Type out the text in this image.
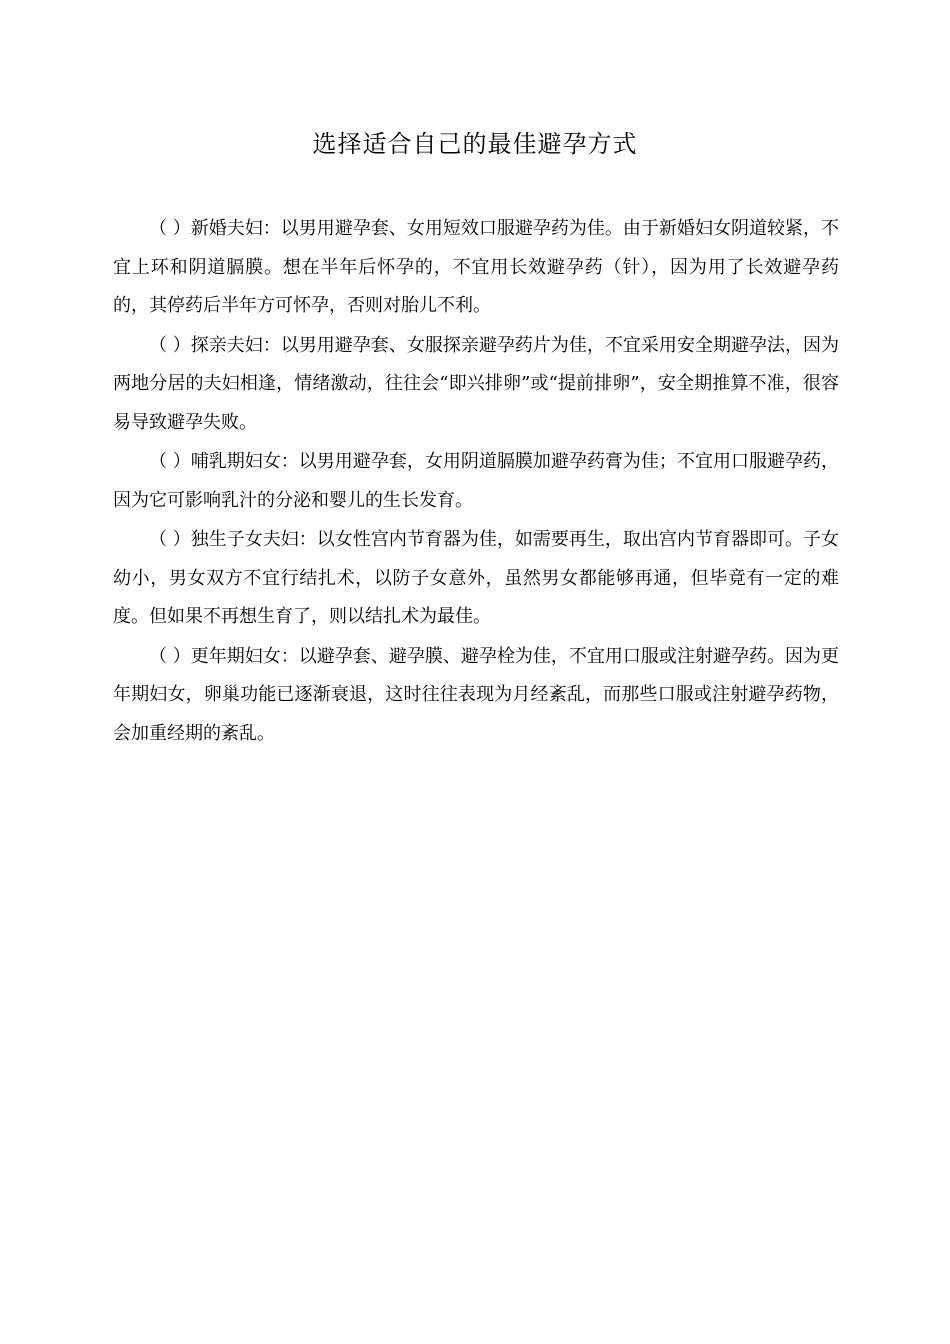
选择适合自己的最佳避孕方式

（ ）新婚夫妇：以男用避孕套、女用短效口服避孕药为佳。由于新婚妇女阴道较紧，不宜上环和阴道膈膜。想在半年后怀孕的，不宜用长效避孕药（针），因为用了长效避孕药的，其停药后半年方可怀孕，否则对胎儿不利。

（ ）探亲夫妇：以男用避孕套、女服探亲避孕药片为佳，不宜采用安全期避孕法，因为两地分居的夫妇相逢，情绪激动，往往会“即兴排卵”或“提前排卵”，安全期推算不准，很容易导致避孕失败。

（ ）哺乳期妇女：以男用避孕套，女用阴道膈膜加避孕药膏为佳；不宜用口服避孕药，因为它可影响乳汁的分泌和婴儿的生长发育。

（ ）独生子女夫妇：以女性宫内节育器为佳，如需要再生，取出宫内节育器即可。子女幼小，男女双方不宜行结扎术，以防子女意外，虽然男女都能够再通，但毕竟有一定的难度。但如果不再想生育了，则以结扎术为最佳。

（ ）更年期妇女：以避孕套、避孕膜、避孕栓为佳，不宜用口服或注射避孕药。因为更年期妇女，卵巢功能已逐渐衰退，这时往往表现为月经紊乱，而那些口服或注射避孕药物，会加重经期的紊乱。
